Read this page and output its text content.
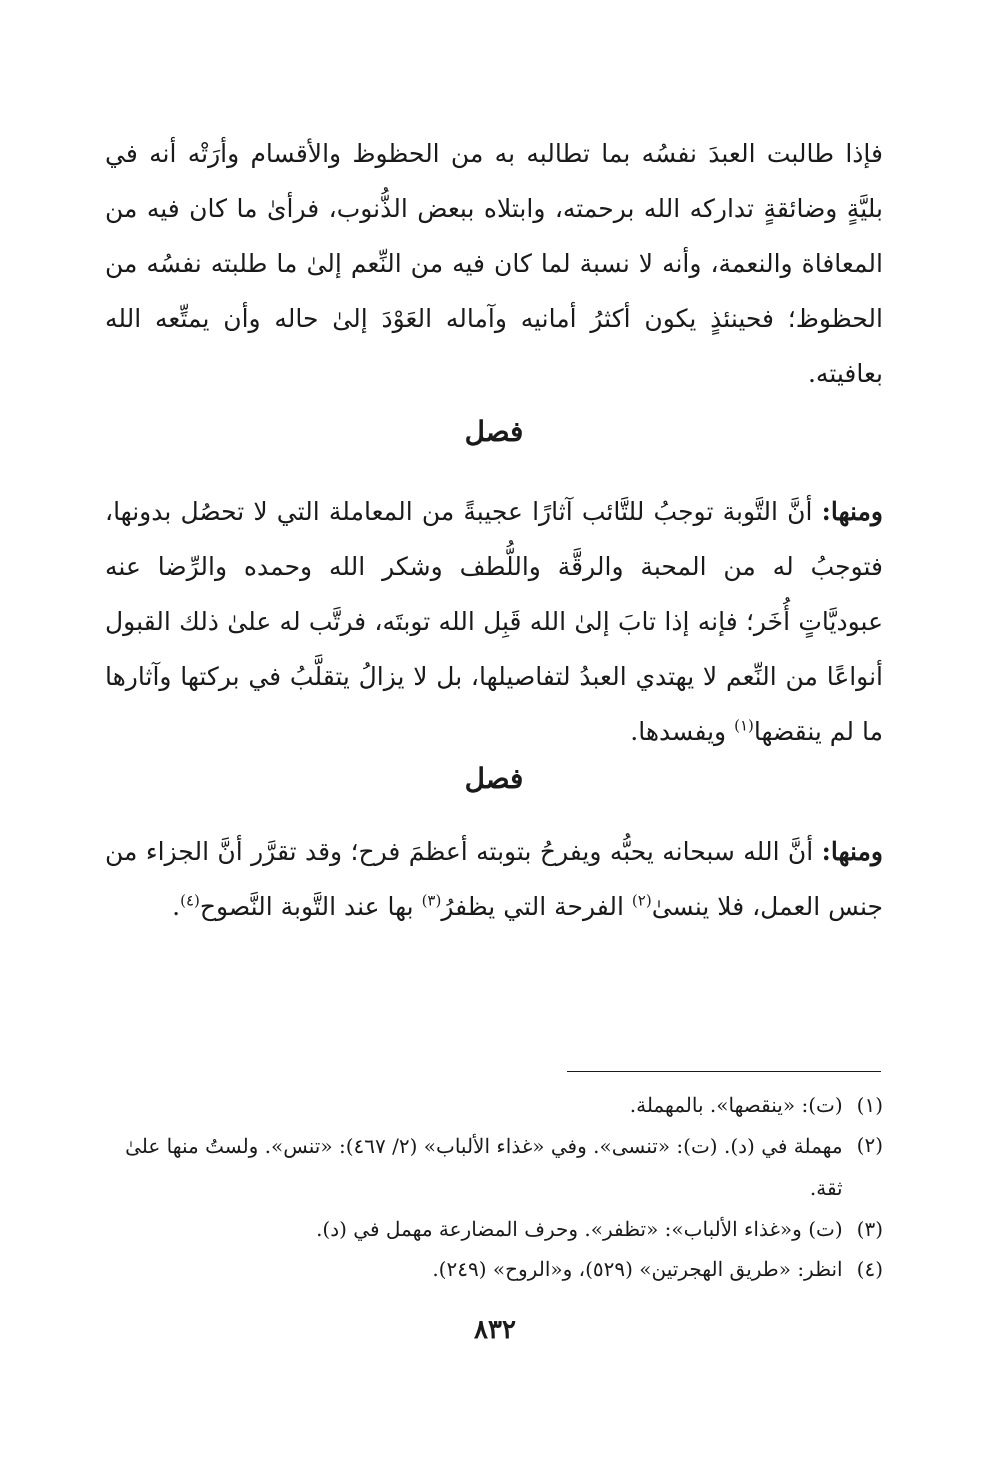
فإذا طالبت العبدَ نفسُه بما تطالبه به من الحظوظ والأقسام وأرَتْه أنه في بليَّةٍ وضائقةٍ تداركه الله برحمته، وابتلاه ببعض الذُّنوب، فرأىٰ ما كان فيه من المعافاة والنعمة، وأنه لا نسبة لما كان فيه من النِّعم إلىٰ ما طلبته نفسُه من الحظوظ؛ فحينئذٍ يكون أكثرُ أمانيه وآماله العَوْدَ إلىٰ حاله وأن يمتِّعه الله بعافيته.

فصل

ومنها: أنَّ التَّوبة توجبُ للتَّائب آثارًا عجيبةً من المعاملة التي لا تحصُل بدونها، فتوجبُ له من المحبة والرقَّة واللُّطف وشكر الله وحمده والرِّضا عنه عبوديَّاتٍ أُخَر؛ فإنه إذا تابَ إلىٰ الله قَبِل الله توبتَه، فرتَّب له علىٰ ذلك القبول أنواعًا من النِّعم لا يهتدي العبدُ لتفاصيلها، بل لا يزالُ يتقلَّبُ في بركتها وآثارها ما لم ينقضها$^{(١)}$ ويفسدها.

فصل

ومنها: أنَّ الله سبحانه يحبُّه ويفرحُ بتوبته أعظمَ فرح؛ وقد تقرَّر أنَّ الجزاء من جنس العمل، فلا ينسىٰ$^{(٢)}$ الفرحة التي يظفرُ$^{(٣)}$ بها عند التَّوبة النَّصوح$^{(٤)}$.

(١)
(ت): «ينقصها». بالمهملة.
(٢)
مهملة في (د). (ت): «تنسى». وفي «غذاء الألباب» (٢/ ٤٦٧): «تنس». ولستُ منها علىٰ ثقة.
(٣)
(ت) و«غذاء الألباب»: «تظفر». وحرف المضارعة مهمل في (د).
(٤)
انظر: «طريق الهجرتين» (٥٢٩)، و«الروح» (٢٤٩).
٨٣٢
